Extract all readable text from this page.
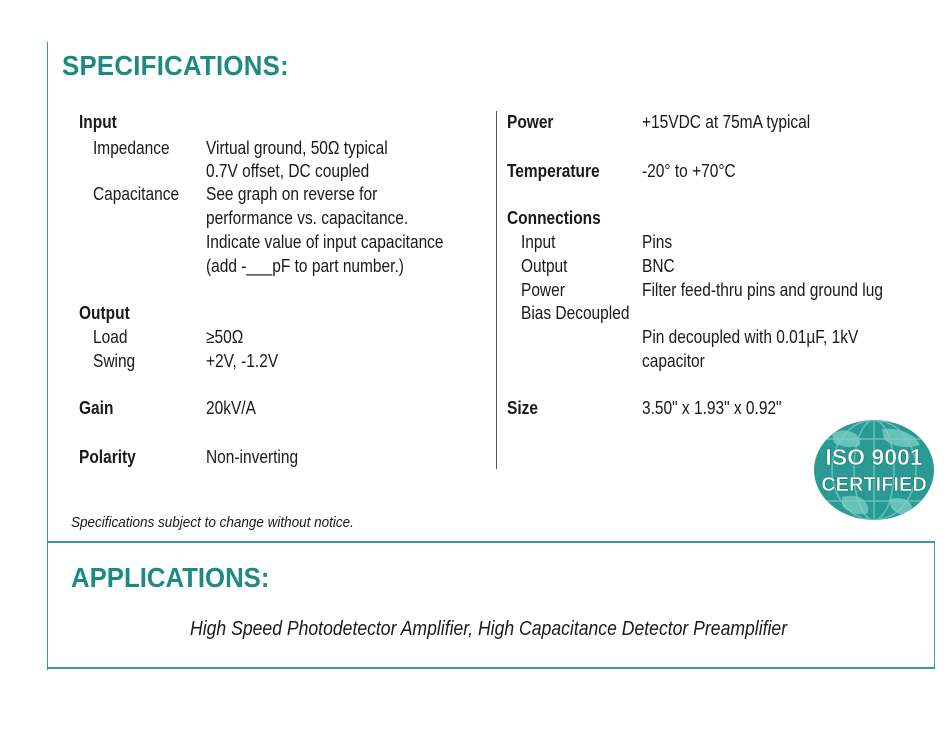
SPECIFICATIONS:
Input
Impedance Virtual ground, 50Ω typical
0.7V offset, DC coupled
Capacitance See graph on reverse for
performance vs. capacitance.
Indicate value of input capacitance
(add -___pF to part number.)
Output
Load	≥50Ω
Swing	+2V, -1.2V
Gain	20kV/A
Polarity	Non-inverting
Power	+15VDC at 75mA typical
Temperature -20° to +70°C
Connections
Input	Pins
Output	BNC
Power	Filter feed-thru pins and ground lug
Bias Decoupled
Pin decoupled with 0.01µF, 1kV
capacitor
Size	3.50" x 1.93" x 0.92"
ISO 9001
CERTIFIED
Specifications subject to change without notice.
APPLICATIONS:
High Speed Photodetector Amplifier, High Capacitance Detector Preamplifier
